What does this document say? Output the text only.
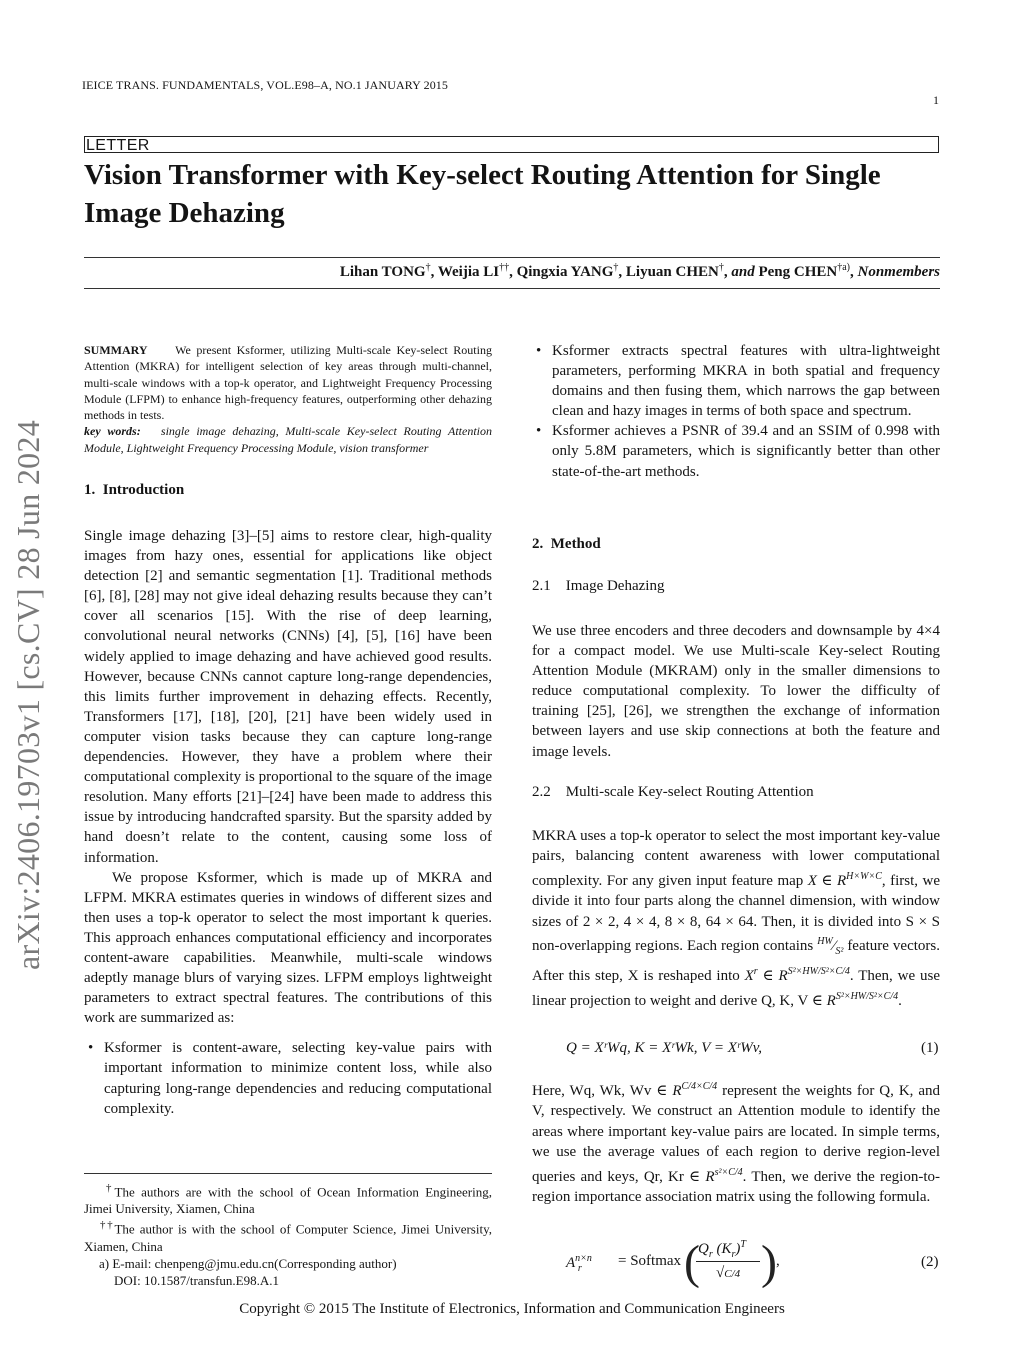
IEICE TRANS. FUNDAMENTALS, VOL.E98–A, NO.1 JANUARY 2015
1
LETTER
Vision Transformer with Key-select Routing Attention for Single Image Dehazing
Lihan TONG†, Weijia LI††, Qingxia YANG†, Liyuan CHEN†, and Peng CHEN$^{\dagger a)}$, Nonmembers
arXiv:2406.19703v1 [cs.CV] 28 Jun 2024

SUMMARY We present Ksformer, utilizing Multi-scale Key-select Routing Attention (MKRA) for intelligent selection of key areas through multi-channel, multi-scale windows with a top-k operator, and Lightweight Frequency Processing Module (LFPM) to enhance high-frequency features, outperforming other dehazing methods in tests.

key words: single image dehazing, Multi-scale Key-select Routing Attention Module, Lightweight Frequency Processing Module, vision transformer

1.  Introduction

Single image dehazing [3]–[5] aims to restore clear, high-quality images from hazy ones, essential for applications like object detection [2] and semantic segmentation [1]. Traditional methods [6], [8], [28] may not give ideal dehazing results because they can’t cover all scenarios [15]. With the rise of deep learning, convolutional neural networks (CNNs) [4], [5], [16] have been widely applied to image dehazing and have achieved good results. However, because CNNs cannot capture long-range dependencies, this limits further improvement in dehazing effects. Recently, Transformers [17], [18], [20], [21] have been widely used in computer vision tasks because they can capture long-range dependencies. However, they have a problem where their computational complexity is proportional to the square of the image resolution. Many efforts [21]–[24] have been made to address this issue by introducing handcrafted sparsity. But the sparsity added by hand doesn’t relate to the content, causing some loss of information.

We propose Ksformer, which is made up of MKRA and LFPM. MKRA estimates queries in windows of different sizes and then uses a top-k operator to select the most important k queries. This approach enhances computational efficiency and incorporates content-aware capabilities. Meanwhile, multi-scale windows adeptly manage blurs of varying sizes. LFPM employs lightweight parameters to extract spectral features. The contributions of this work are summarized as:

• Ksformer is content-aware, selecting key-value pairs with important information to minimize content loss, while also capturing long-range dependencies and reducing computational complexity.

†The authors are with the school of Ocean Information Engineering, Jimei University, Xiamen, China

††The author is with the school of Computer Science, Jimei University, Xiamen, China

a) E-mail: chenpeng@jmu.edu.cn(Corresponding author)

DOI: 10.1587/transfun.E98.A.1

• Ksformer extracts spectral features with ultra-lightweight parameters, performing MKRA in both spatial and frequency domains and then fusing them, which narrows the gap between clean and hazy images in terms of both space and spectrum.
• Ksformer achieves a PSNR of 39.4 and an SSIM of 0.998 with only 5.8M parameters, which is significantly better than other state-of-the-art methods.
2.  Method
2.1    Image Dehazing
We use three encoders and three decoders and downsample by 4×4 for a compact model. We use Multi-scale Key-select Routing Attention Module (MKRAM) only in the smaller dimensions to reduce computational complexity. To lower the difficulty of training [25], [26], we strengthen the exchange of information between layers and use skip connections at both the feature and image levels.
2.2    Multi-scale Key-select Routing Attention
MKRA uses a top-k operator to select the most important key-value pairs, balancing content awareness with lower computational complexity. For any given input feature map X ∈ $R^{H\times W\times C}$, first, we divide it into four parts along the channel dimension, with window sizes of 2 × 2, 4 × 4, 8 × 8, 64 × 64. Then, it is divided into S × S non-overlapping regions. Each region contains $^{HW}⁄_{S^2}$ feature vectors. After this step, X is reshaped into $X^r$ ∈ $R^{S^2\times HW/S^2\times C/4}$. Then, we use linear projection to weight and derive Q, K, V ∈ $R^{S^2\times HW/S^2\times C/4}$.
Q = XʳWq, K = XʳWk, V = XʳWv,	(1)
Here, Wq, Wk, Wv ∈ $R^{C/4\times C/4}$ represent the weights for Q, K, and V, respectively. We construct an Attention module to identify the areas where important key-value pairs are located. In simple terms, we use the average values of each region to derive region-level queries and keys, Qr, Kr ∈ $R^{s^2\times C/4}$. Then, we derive the region-to-region importance association matrix using the following formula.
$A^{n\times n}_r$ = Softmax (
$Q_r$ $(K_r)^T$
√C/4 ) ,	(2)
Copyright © 2015 The Institute of Electronics, Information and Communication Engineers
